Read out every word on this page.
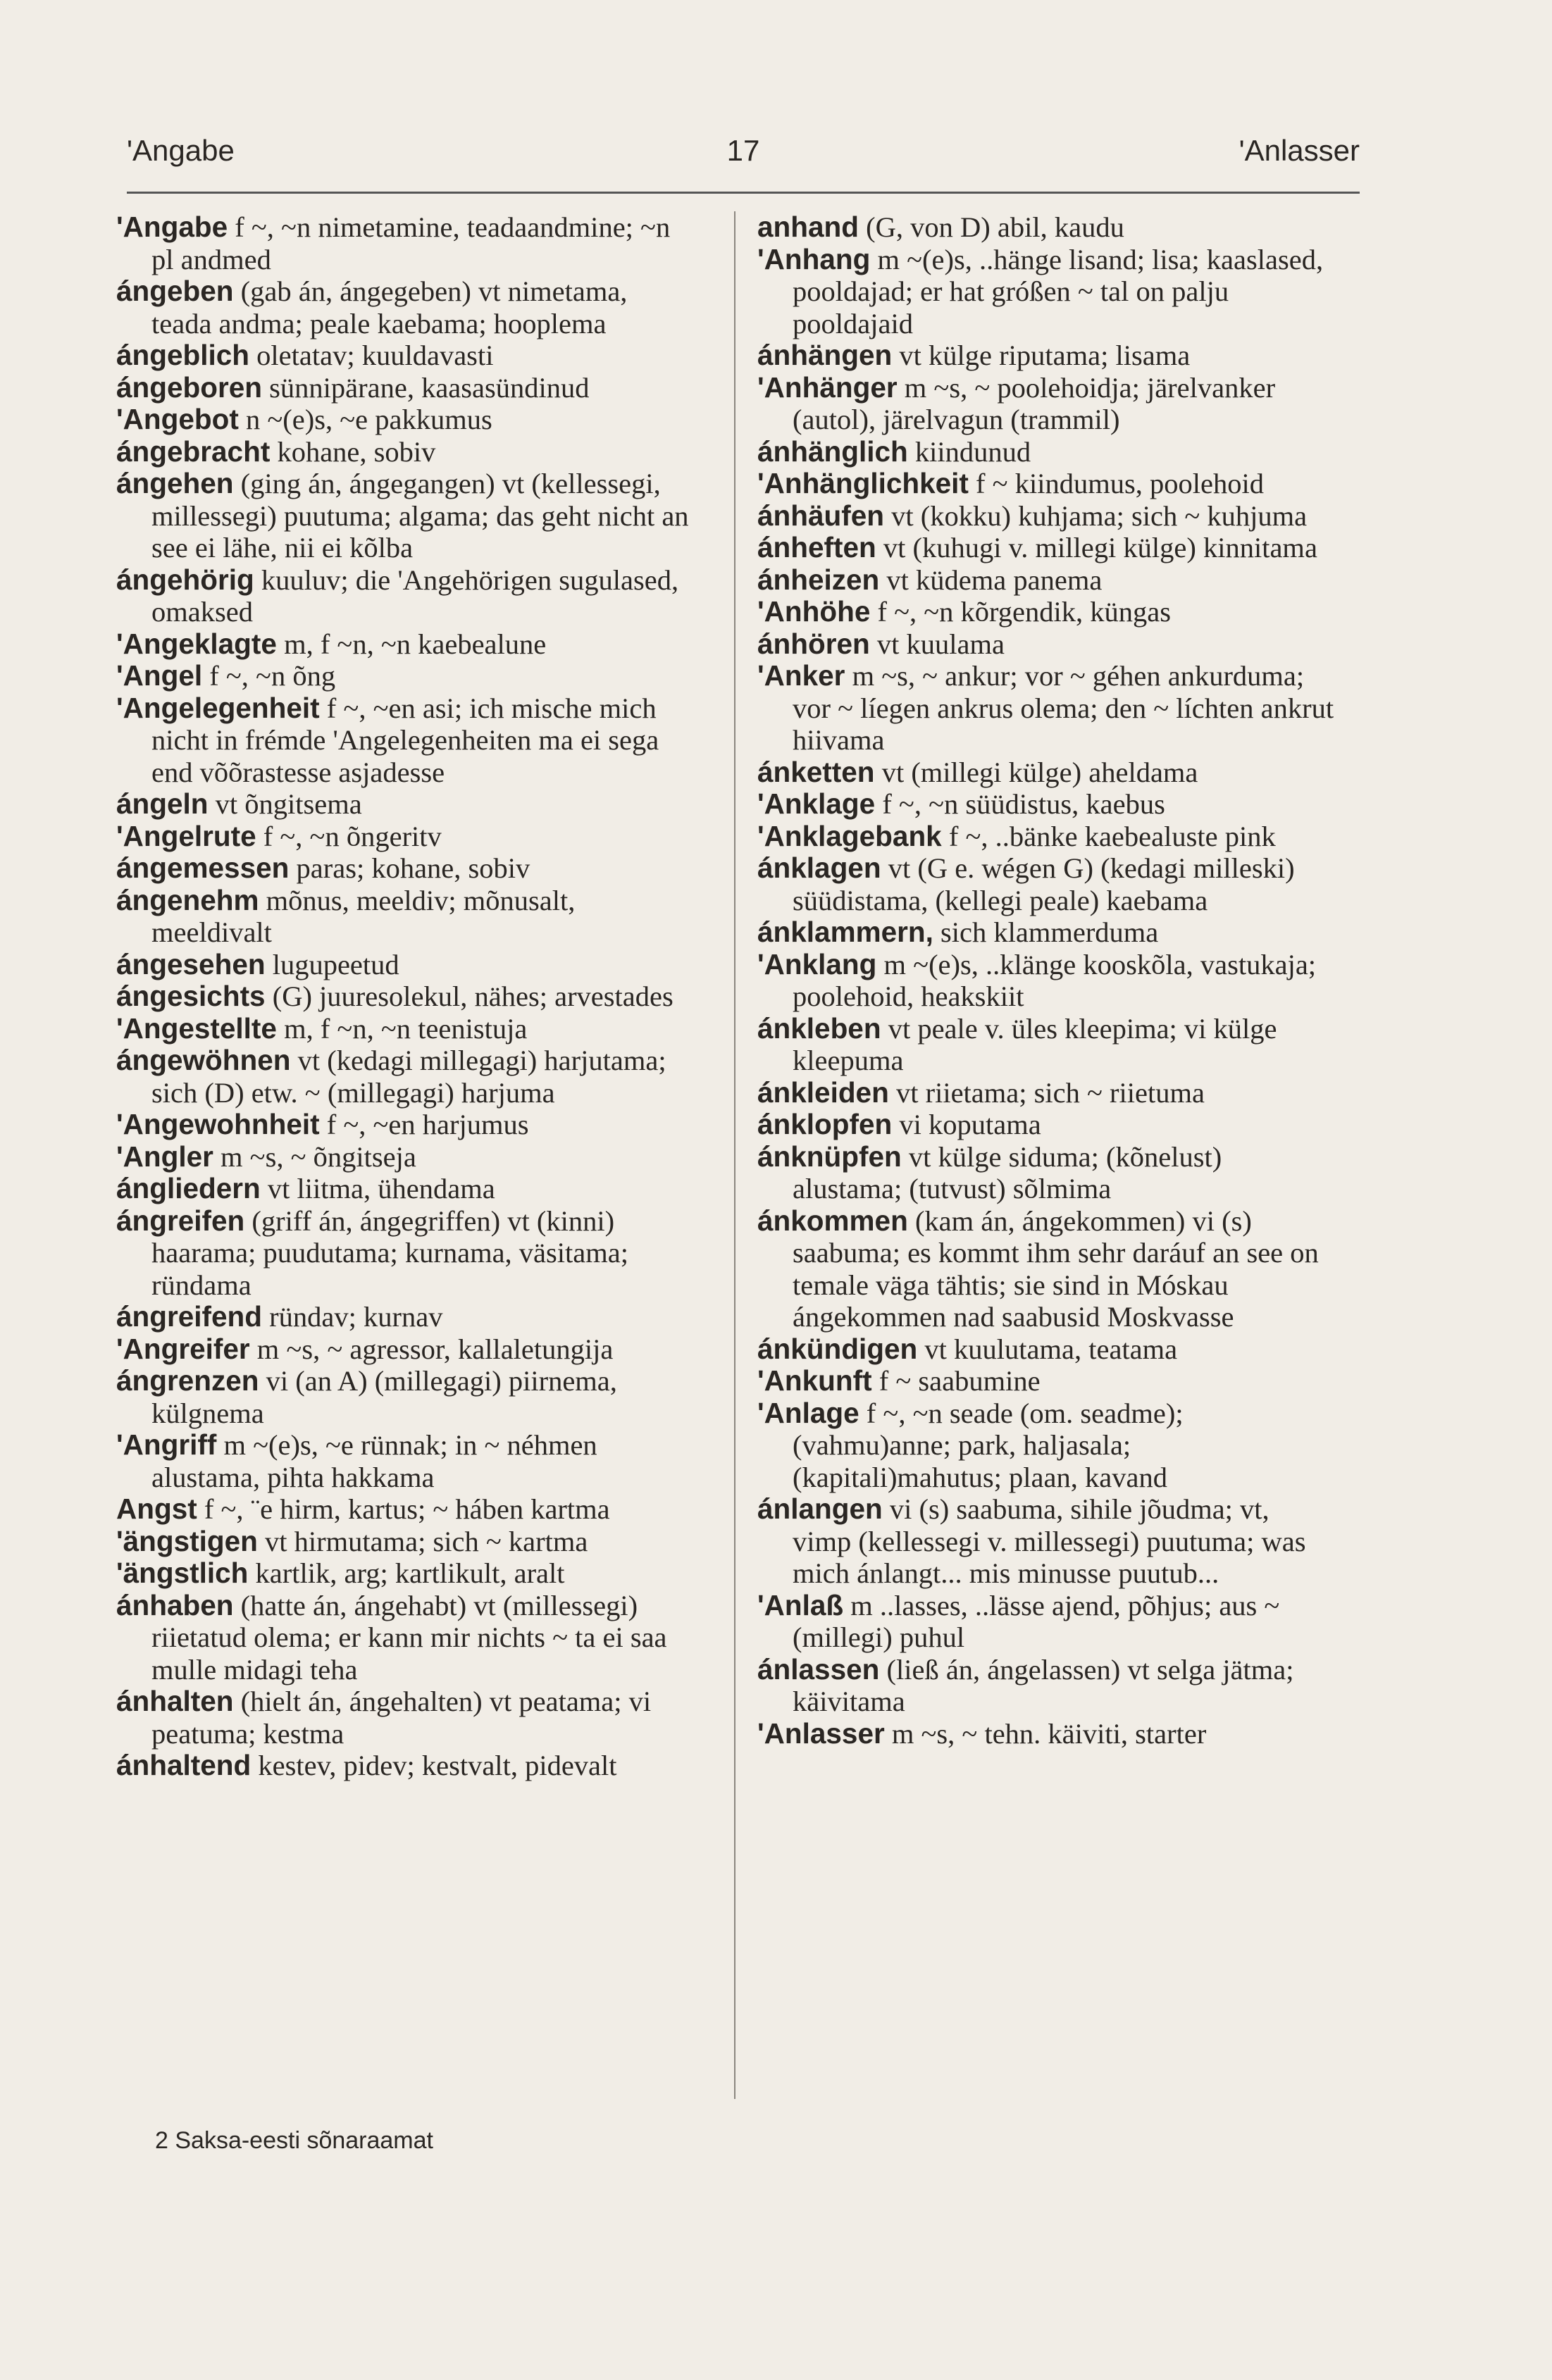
'Angabe	17	'Anlasser

'Angabe f ~, ~n nimetamine, teadaandmine; ~n pl andmed

ángeben (gab án, ángegeben) vt nimetama, teada andma; peale kaebama; hooplema

ángeblich oletatav; kuuldavasti

ángeboren sünnipärane, kaasasündinud

'Angebot n ~(e)s, ~e pakkumus

ángebracht kohane, sobiv

ángehen (ging án, ángegangen) vt (kellessegi, millessegi) puutuma; algama; das geht nicht an see ei lähe, nii ei kõlba

ángehörig kuuluv; die 'Angehörigen sugulased, omaksed

'Angeklagte m, f ~n, ~n kaebealune

'Angel f ~, ~n õng

'Angelegenheit f ~, ~en asi; ich mische mich nicht in frémde 'Angelegenheiten ma ei sega end võõrastesse asjadesse

ángeln vt õngitsema

'Angelrute f ~, ~n õngeritv

ángemessen paras; kohane, sobiv

ángenehm mõnus, meeldiv; mõnusalt, meeldivalt

ángesehen lugupeetud

ángesichts (G) juuresolekul, nähes; arvestades

'Angestellte m, f ~n, ~n teenistuja

ángewöhnen vt (kedagi millegagi) harjutama; sich (D) etw. ~ (millegagi) harjuma

'Angewohnheit f ~, ~en harjumus

'Angler m ~s, ~ õngitseja

ángliedern vt liitma, ühendama

ángreifen (griff án, ángegriffen) vt (kinni) haarama; puudutama; kurnama, väsitama; ründama

ángreifend ründav; kurnav

'Angreifer m ~s, ~ agressor, kallaletungija

ángrenzen vi (an A) (millegagi) piirnema, külgnema

'Angriff m ~(e)s, ~e rünnak; in ~ néhmen alustama, pihta hakkama

Angst f ~, ¨e hirm, kartus; ~ háben kartma

'ängstigen vt hirmutama; sich ~ kartma

'ängstlich kartlik, arg; kartlikult, aralt

ánhaben (hatte án, ángehabt) vt (millessegi) riietatud olema; er kann mir nichts ~ ta ei saa mulle midagi teha

ánhalten (hielt án, ángehalten) vt peatama; vi peatuma; kestma

ánhaltend kestev, pidev; kestvalt, pidevalt

anhand (G, von D) abil, kaudu

'Anhang m ~(e)s, ..hänge lisand; lisa; kaaslased, pooldajad; er hat gróßen ~ tal on palju pooldajaid

ánhängen vt külge riputama; lisama

'Anhänger m ~s, ~ poolehoidja; järelvanker (autol), järelvagun (trammil)

ánhänglich kiindunud

'Anhänglichkeit f ~ kiindumus, poolehoid

ánhäufen vt (kokku) kuhjama; sich ~ kuhjuma

ánheften vt (kuhugi v. millegi külge) kinnitama

ánheizen vt küdema panema

'Anhöhe f ~, ~n kõrgendik, küngas

ánhören vt kuulama

'Anker m ~s, ~ ankur; vor ~ géhen ankurduma; vor ~ líegen ankrus olema; den ~ líchten ankrut hiivama

ánketten vt (millegi külge) aheldama

'Anklage f ~, ~n süüdistus, kaebus

'Anklagebank f ~, ..bänke kaebealuste pink

ánklagen vt (G e. wégen G) (kedagi milleski) süüdistama, (kellegi peale) kaebama

ánklammern, sich klammerduma

'Anklang m ~(e)s, ..klänge kooskõla, vastukaja; poolehoid, heakskiit

ánkleben vt peale v. üles kleepima; vi külge kleepuma

ánkleiden vt riietama; sich ~ riietuma

ánklopfen vi koputama

ánknüpfen vt külge siduma; (kõnelust) alustama; (tutvust) sõlmima

ánkommen (kam án, ángekommen) vi (s) saabuma; es kommt ihm sehr daráuf an see on temale väga tähtis; sie sind in Móskau ángekommen nad saabusid Moskvasse

ánkündigen vt kuulutama, teatama

'Ankunft f ~ saabumine

'Anlage f ~, ~n seade (om. seadme); (vahmu)anne; park, haljasala; (kapitali)mahutus; plaan, kavand

ánlangen vi (s) saabuma, sihile jõudma; vt, vimp (kellessegi v. millessegi) puutuma; was mich ánlangt... mis minusse puutub...

'Anlaß m ..lasses, ..lässe ajend, põhjus; aus ~ (millegi) puhul

ánlassen (ließ án, ángelassen) vt selga jätma; käivitama

'Anlasser m ~s, ~ tehn. käiviti, starter

2 Saksa-eesti sõnaraamat
